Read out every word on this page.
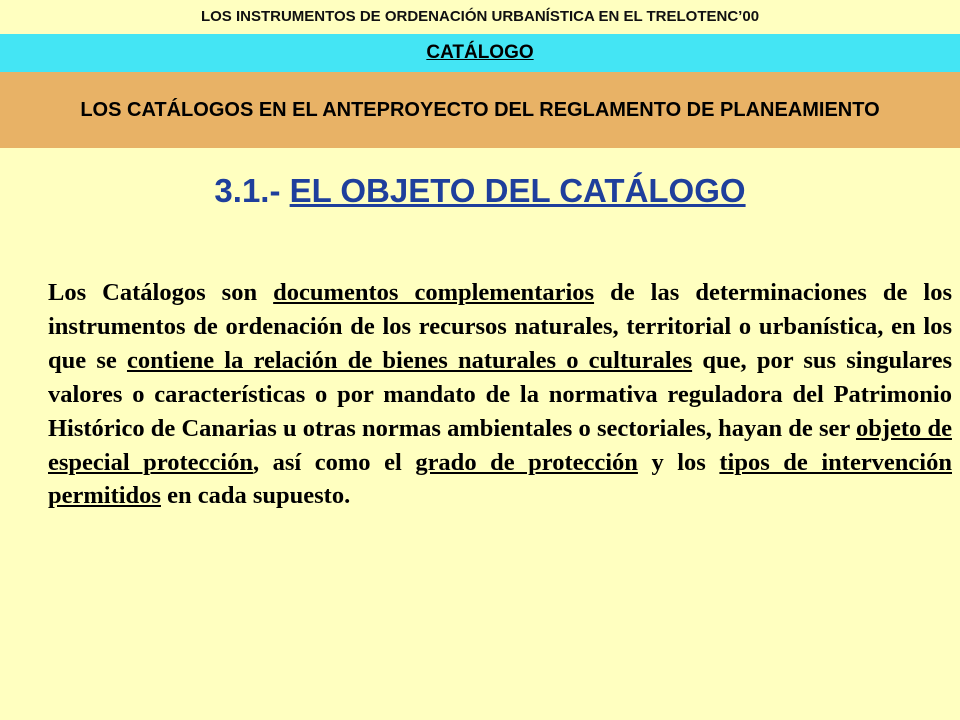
LOS INSTRUMENTOS DE ORDENACIÓN URBANÍSTICA EN EL TRELOTENC’00
CATÁLOGO
LOS CATÁLOGOS EN EL ANTEPROYECTO DEL REGLAMENTO DE PLANEAMIENTO
3.1.- EL OBJETO DEL CATÁLOGO
Los Catálogos son documentos complementarios de las determinaciones de los instrumentos de ordenación de los recursos naturales, territorial o urbanística, en los que se contiene la relación de bienes naturales o culturales que, por sus singulares valores o características o por mandato de la normativa reguladora del Patrimonio Histórico de Canarias u otras normas ambientales o sectoriales, hayan de ser objeto de especial protección, así como el grado de protección y los tipos de intervención permitidos en cada supuesto.
